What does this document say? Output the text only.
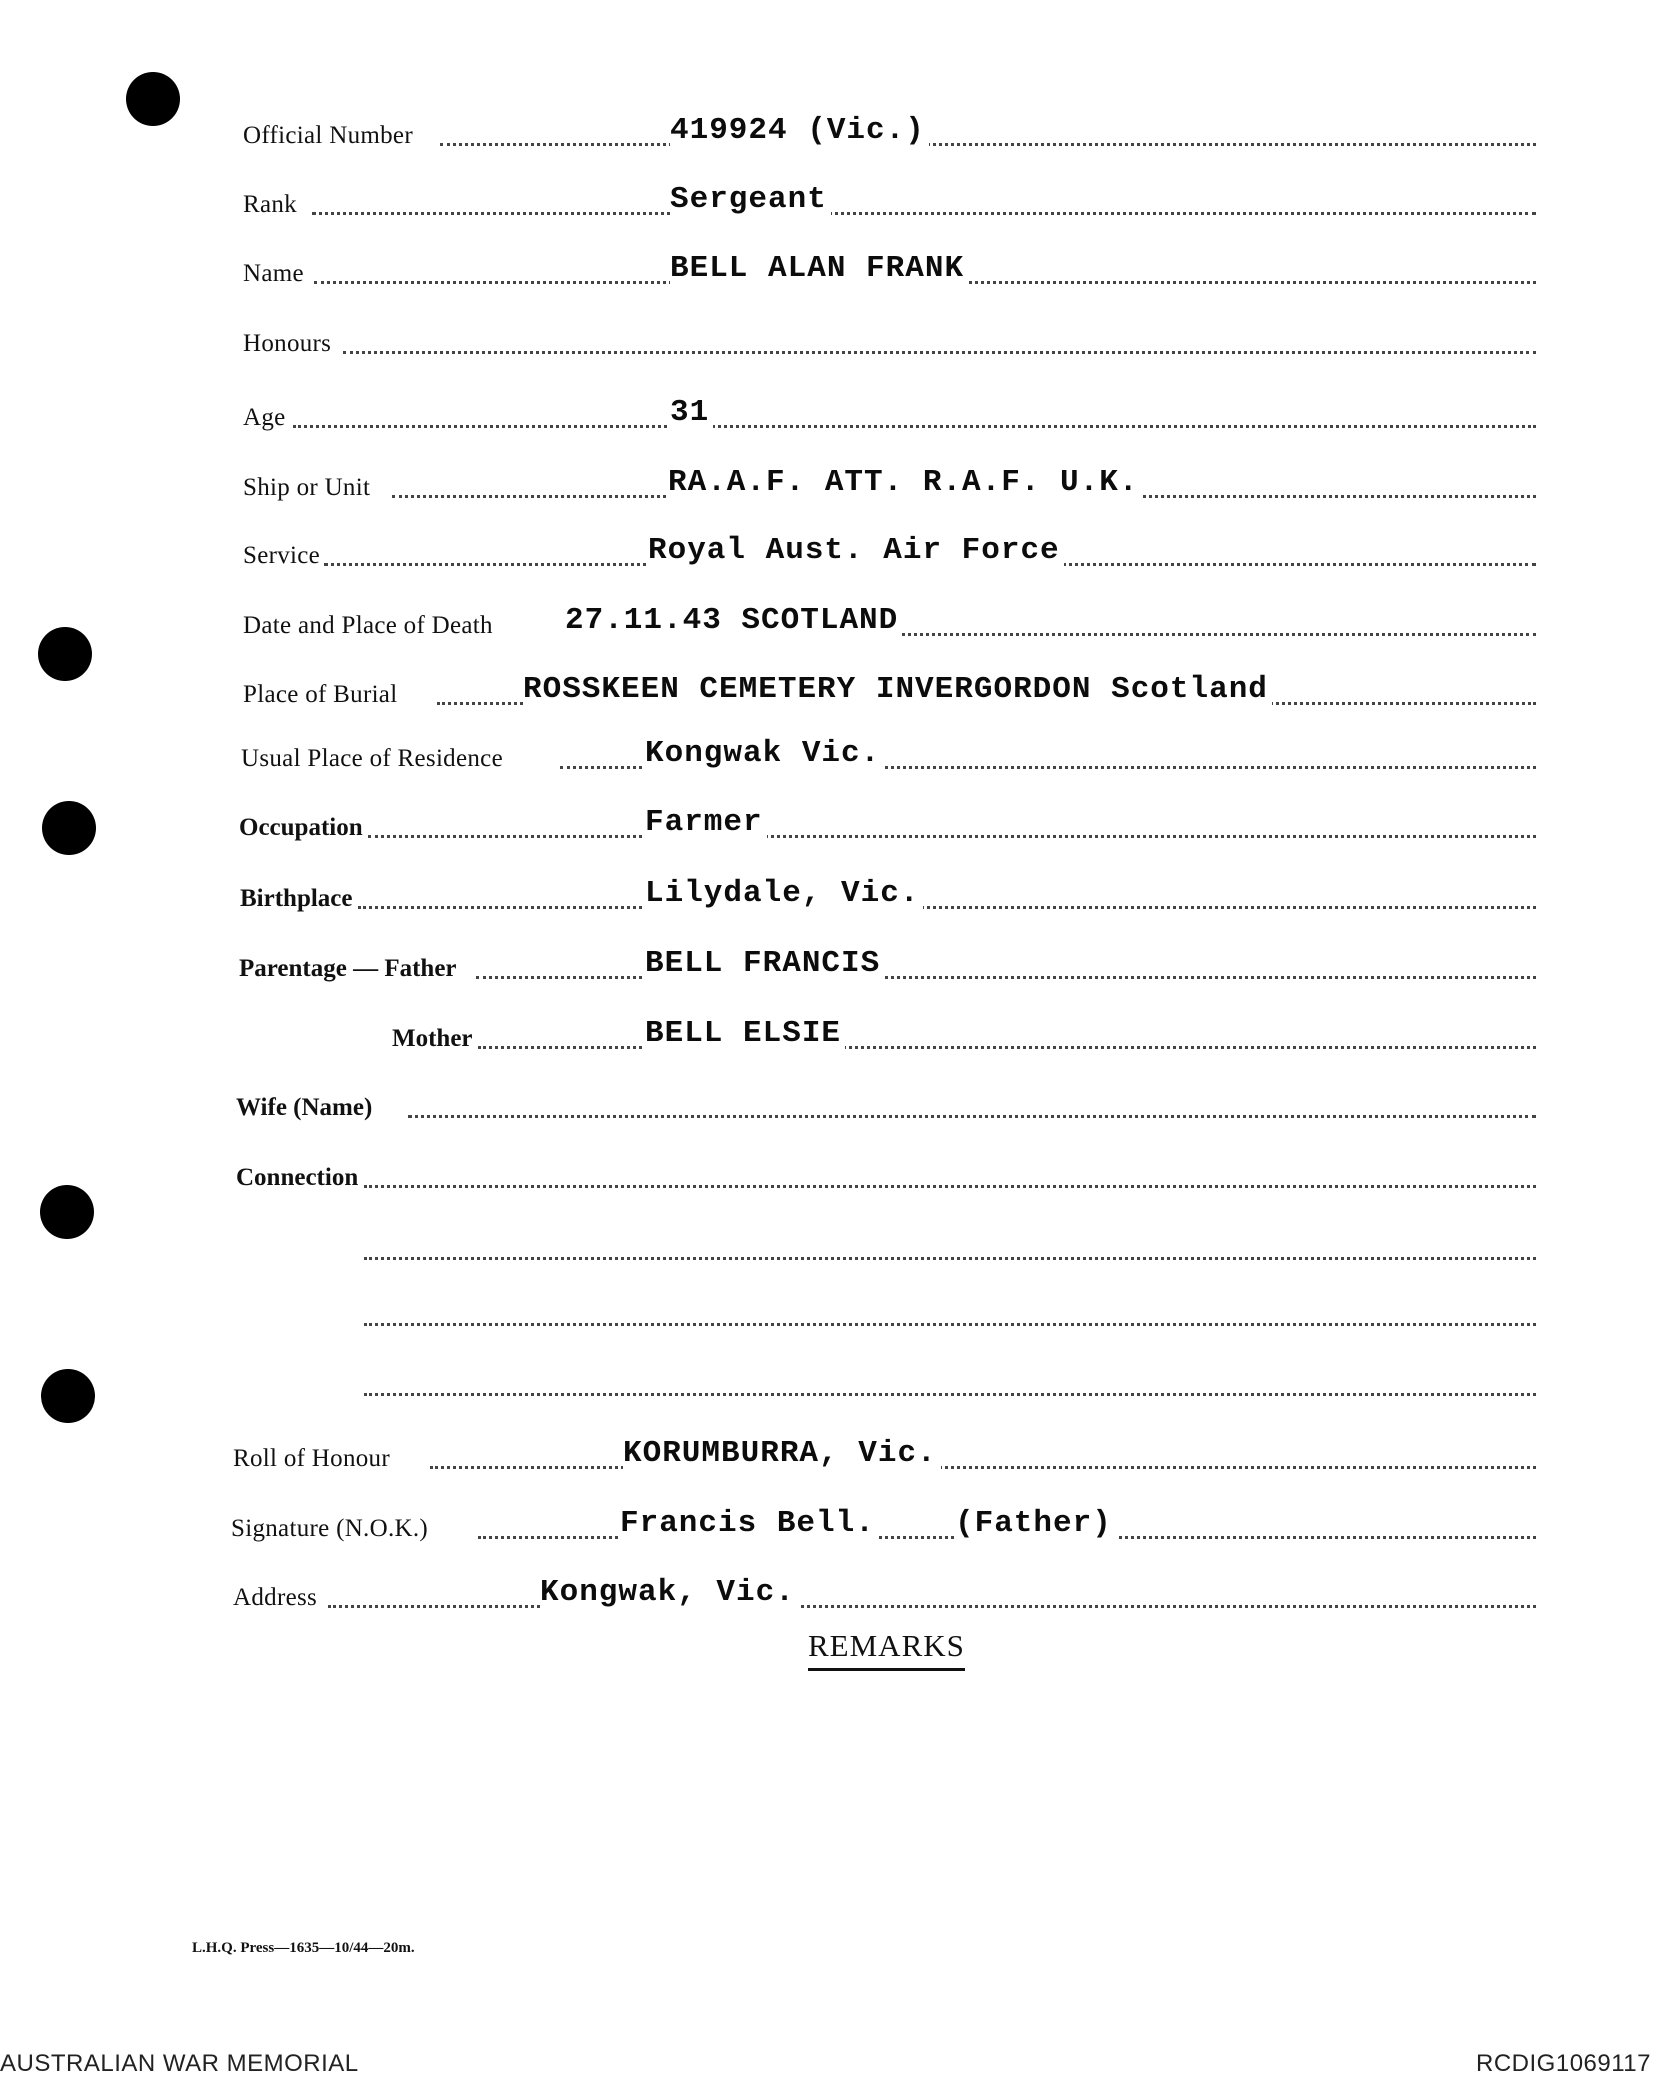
Official Number	419924 (Vic.)
Rank	Sergeant
Name	BELL ALAN FRANK
Honours
Age	31
Ship or Unit	RA.A.F. ATT. R.A.F. U.K.
Service	Royal Aust. Air Force
Date and Place of Death 27.11.43 SCOTLAND
Place of Burial	ROSSKEEN CEMETERY INVERGORDON Scotland
Usual Place of Residence	Kongwak Vic.
Occupation	Farmer
Birthplace	Lilydale, Vic.
Parentage — Father	BELL FRANCIS
Mother	BELL ELSIE
Wife (Name)
Connection
Roll of Honour	KORUMBURRA, Vic.
Signature (N.O.K.)	Francis Bell.	(Father)
Address	Kongwak, Vic.
REMARKS
L.H.Q. Press—1635—10/44—20m.
AUSTRALIAN WAR MEMORIAL	RCDIG1069117
